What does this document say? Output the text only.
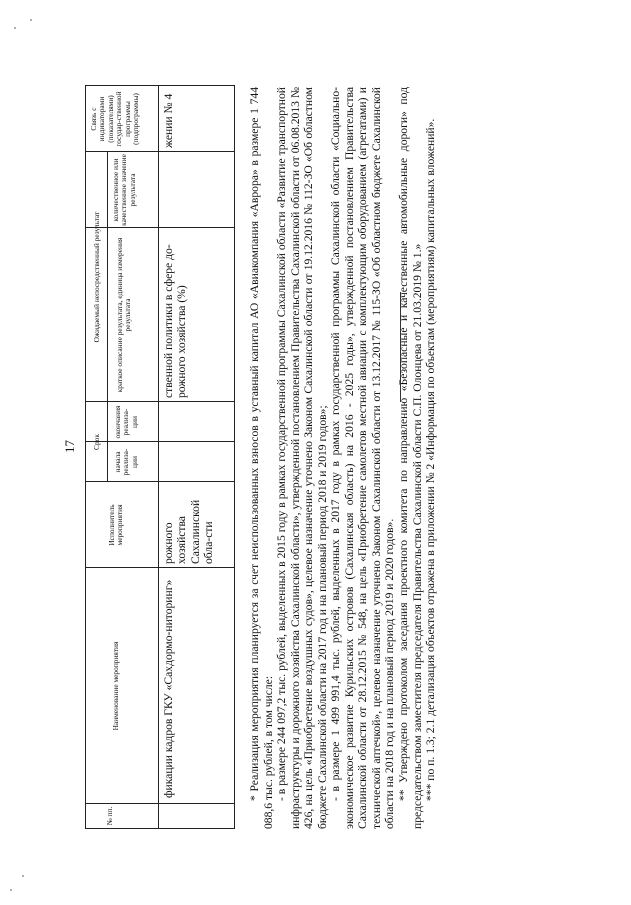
17
№ пп.
Наименование мероприятия
Исполнитель мероприятия
Срок
начала реализа-ции
окончания реализа-ции
Ожидаемый непосредственный результат краткое описание результата, единица измерения результата
количественное или качественное значение результата
Связь с индикаторами (показателями) государ-ственной программы (подпрограммы)
фикации кадров ГКУ «Сахдормо-ниторинг»
рожного хозяйства Сахалинской обла-сти
ственной политики в сфере до-рожного хозяйства (%)
жении № 4	* Реализация мероприятия планируется за счет неиспользованных взносов в уставный капитал АО «Авиакомпания «Аврора» в размере 1 744 088,6 тыс. рублей, в том числе: - в размере 244 097,2 тыс. рублей, выделенных в 2015 году в рамках государственной программы Сахалинской области «Развитие транспортной инфраструктуры и дорожного хозяйства Сахалинской области», утвержденной постановлением Правительства Сахалинской области от 06.08.2013 № 426, на цель «Приобретение воздушных судов», целевое назначение уточнено Законом Сахалинской области от 19.12.2016 № 112-ЗО «Об областном бюджете Сахалинской области на 2017 год и на плановый период 2018 и 2019 годов»; - в размере 1 499 991,4 тыс. рублей, выделенных в 2017 году в рамках государственной программы Сахалинской области «Социально-экономическое развитие Курильских островов (Сахалинская область) на 2016 - 2025 годы», утвержденной постановлением Правительства Сахалинской области от 28.12.2015 № 548, на цель «Приобретение самолетов местной авиации с комплектующим оборудованием (агрегатами) и технической аптечкой», целевое назначение уточнено Законом Сахалинской области от 13.12.2017 № 115-ЗО «Об областном бюджете Сахалинской области на 2018 год и на плановый период 2019 и 2020 годов». ** Утверждено протоколом заседания проектного комитета по направлению «Безопасные и качественные автомобильные дороги» под председательством заместителя председателя Правительства Сахалинской области С.П. Олонцева от 21.03.2019 № 1.» *** по п. 1.3; 2.1 детализация объектов отражена в приложении № 2 «Информация по объектам (мероприятиям) капитальных вложений».
